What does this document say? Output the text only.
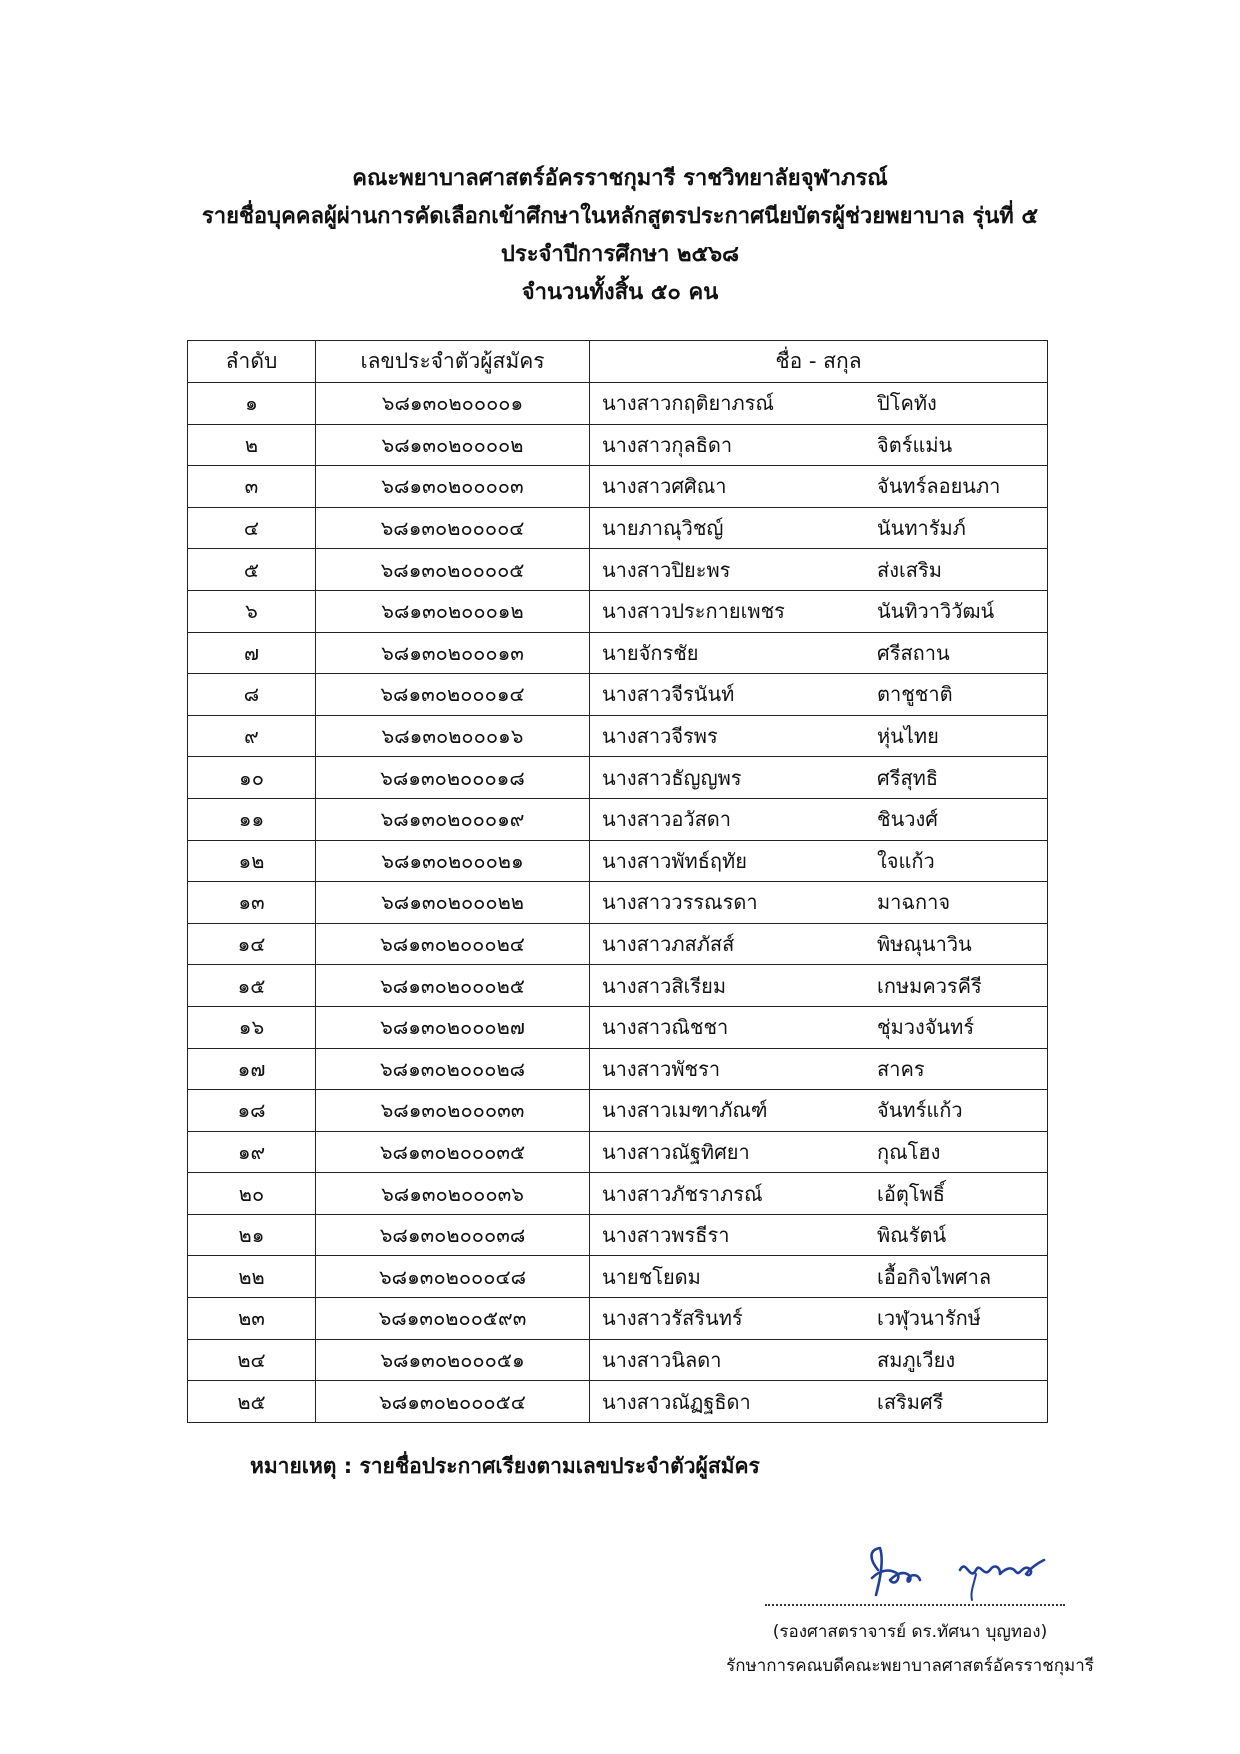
คณะพยาบาลศาสตร์อัครราชกุมารี ราชวิทยาลัยจุฬาภรณ์
รายชื่อบุคคลผู้ผ่านการคัดเลือกเข้าศึกษาในหลักสูตรประกาศนียบัตรผู้ช่วยพยาบาล รุ่นที่ ๕
ประจำปีการศึกษา ๒๕๖๘
จำนวนทั้งสิ้น ๕๐ คน
ลำดับ	เลขประจำตัวผู้สมัคร	ชื่อ - สกุล
๑	๖๘๑๓๐๒๐๐๐๐๑	นางสาวกฤติยาภรณ์ ปิโคทัง

๒	๖๘๑๓๐๒๐๐๐๐๒	นางสาวกุลธิดา จิตร์แม่น

๓	๖๘๑๓๐๒๐๐๐๐๓	นางสาวศศิณา จันทร์ลอยนภา

๔	๖๘๑๓๐๒๐๐๐๐๔	นายภาณุวิชญ์ นันทารัมภ์

๕	๖๘๑๓๐๒๐๐๐๐๕	นางสาวปิยะพร ส่งเสริม

๖	๖๘๑๓๐๒๐๐๐๑๒	นางสาวประกายเพชร นันทิวาวิวัฒน์

๗	๖๘๑๓๐๒๐๐๐๑๓	นายจักรชัย ศรีสถาน

๘	๖๘๑๓๐๒๐๐๐๑๔	นางสาวจีรนันท์ ตาชูชาติ

๙	๖๘๑๓๐๒๐๐๐๑๖	นางสาวจีรพร หุ่นไทย

๑๐	๖๘๑๓๐๒๐๐๐๑๘	นางสาวธัญญพร ศรีสุทธิ

๑๑	๖๘๑๓๐๒๐๐๐๑๙	นางสาวอวัสดา ชินวงศ์

๑๒	๖๘๑๓๐๒๐๐๐๒๑	นางสาวพัทธ์ฤทัย ใจแก้ว

๑๓	๖๘๑๓๐๒๐๐๐๒๒	นางสาววรรณรดา มาฉกาจ

๑๔	๖๘๑๓๐๒๐๐๐๒๔	นางสาวภสภัสส์ พิษณุนาวิน

๑๕	๖๘๑๓๐๒๐๐๐๒๕	นางสาวสิเรียม เกษมควรคีรี

๑๖	๖๘๑๓๐๒๐๐๐๒๗	นางสาวณิชชา ชุ่มวงจันทร์

๑๗	๖๘๑๓๐๒๐๐๐๒๘	นางสาวพัชรา สาคร

๑๘	๖๘๑๓๐๒๐๐๐๓๓	นางสาวเมฑาภัณฑ์ จันทร์แก้ว

๑๙	๖๘๑๓๐๒๐๐๐๓๕	นางสาวณัฐทิศยา กุณโฮง

๒๐	๖๘๑๓๐๒๐๐๐๓๖	นางสาวภัชราภรณ์ เอ้ตุโพธิ์

๒๑	๖๘๑๓๐๒๐๐๐๓๘	นางสาวพรธีรา พิณรัตน์

๒๒	๖๘๑๓๐๒๐๐๐๔๘	นายชโยดม เอื้อกิจไพศาล

๒๓	๖๘๑๓๐๒๐๐๕๙๓	นางสาวรัสรินทร์ เวฬุวนารักษ์

๒๔	๖๘๑๓๐๒๐๐๐๕๑	นางสาวนิลดา สมภูเวียง

๒๕	๖๘๑๓๐๒๐๐๐๕๔	นางสาวณัฏฐธิดา เสริมศรี
หมายเหตุ : รายชื่อประกาศเรียงตามเลขประจำตัวผู้สมัคร
(รองศาสตราจารย์ ดร.ทัศนา บุญทอง)
รักษาการคณบดีคณะพยาบาลศาสตร์อัครราชกุมารี
